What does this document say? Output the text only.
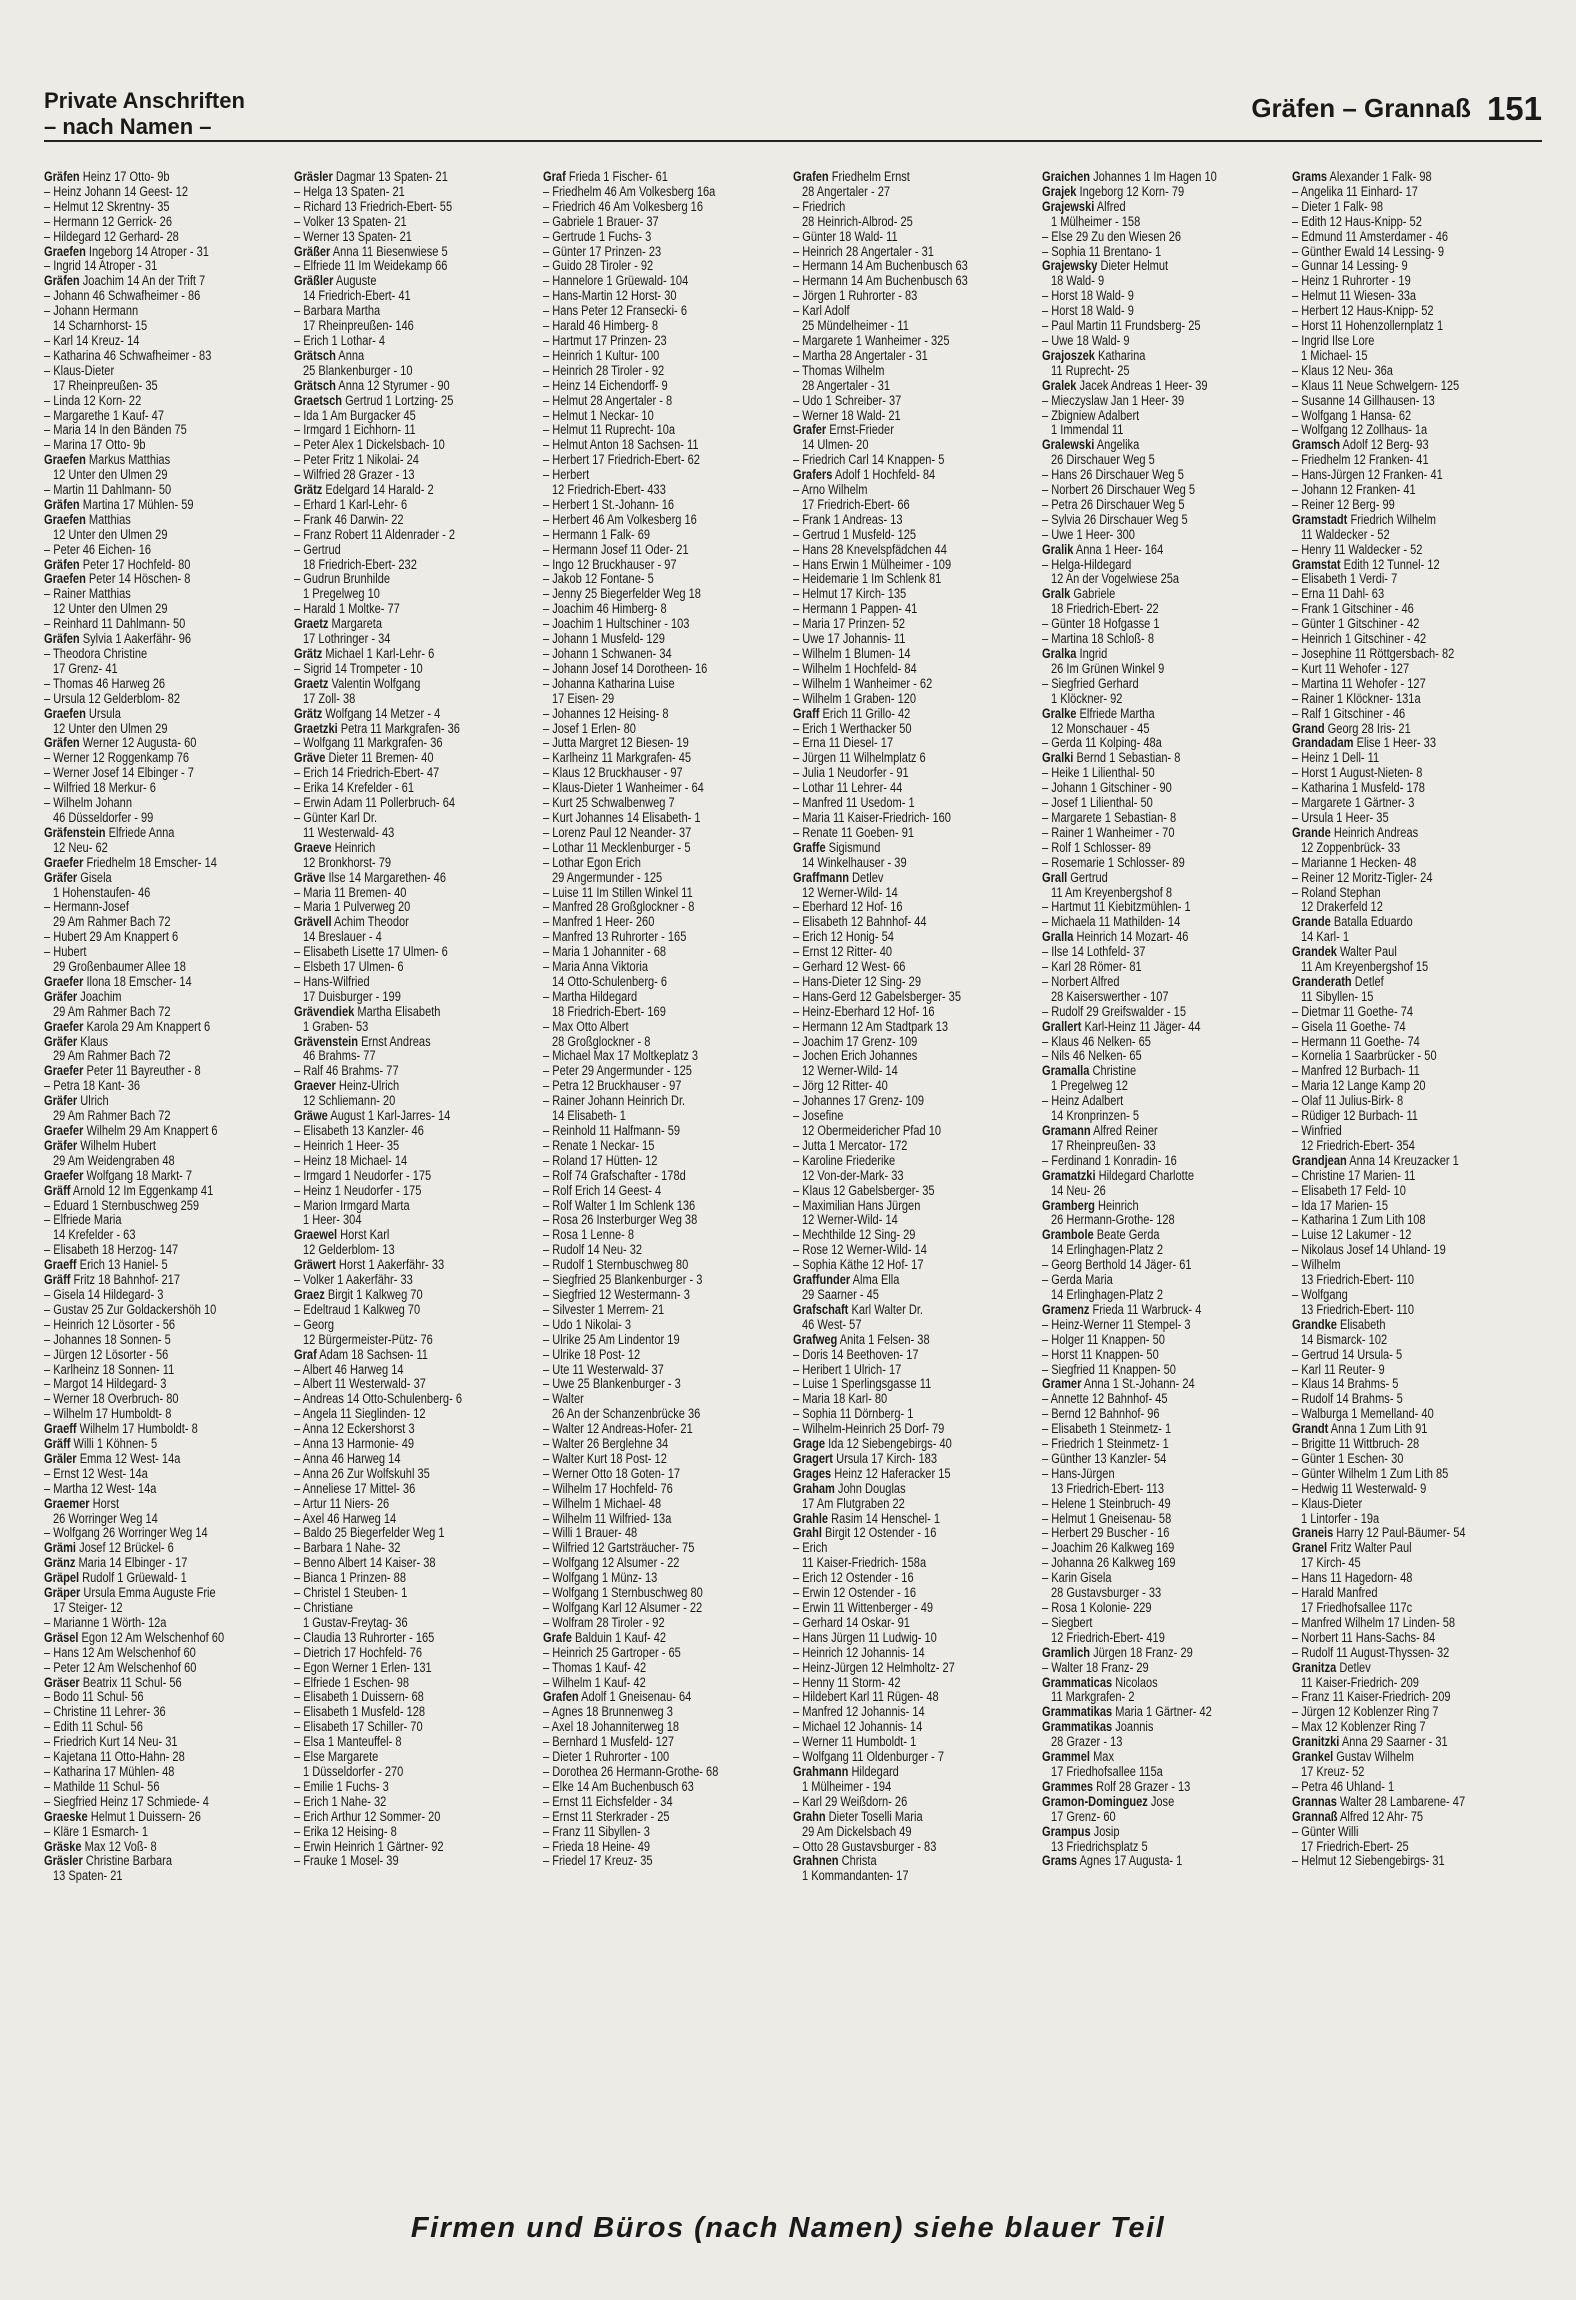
Private Anschriften
– nach Namen –
Gräfen – Grannaß 151
Gräfen Heinz 17 Otto- 9b
– Heinz Johann 14 Geest- 12
– Helmut 12 Skrentny- 35
– Hermann 12 Gerrick- 26
– Hildegard 12 Gerhard- 28
Graefen Ingeborg 14 Atroper - 31
– Ingrid 14 Atroper - 31
Gräfen Joachim 14 An der Trift 7
– Johann 46 Schwafheimer - 86
– Johann Hermann
14 Scharnhorst- 15
– Karl 14 Kreuz- 14
– Katharina 46 Schwafheimer - 83
– Klaus-Dieter
17 Rheinpreußen- 35
– Linda 12 Korn- 22
– Margarethe 1 Kauf- 47
– Maria 14 In den Bänden 75
– Marina 17 Otto- 9b
Graefen Markus Matthias
12 Unter den Ulmen 29
– Martin 11 Dahlmann- 50
Gräfen Martina 17 Mühlen- 59
Graefen Matthias
12 Unter den Ulmen 29
– Peter 46 Eichen- 16
Gräfen Peter 17 Hochfeld- 80
Graefen Peter 14 Höschen- 8
– Rainer Matthias
12 Unter den Ulmen 29
– Reinhard 11 Dahlmann- 50
Gräfen Sylvia 1 Aakerfähr- 96
– Theodora Christine
17 Grenz- 41
– Thomas 46 Harweg 26
– Ursula 12 Gelderblom- 82
Graefen Ursula
12 Unter den Ulmen 29
Gräfen Werner 12 Augusta- 60
– Werner 12 Roggenkamp 76
– Werner Josef 14 Elbinger - 7
– Wilfried 18 Merkur- 6
– Wilhelm Johann
46 Düsseldorfer - 99
Gräfenstein Elfriede Anna
12 Neu- 62
Graefer Friedhelm 18 Emscher- 14
Gräfer Gisela
1 Hohenstaufen- 46
– Hermann-Josef
29 Am Rahmer Bach 72
– Hubert 29 Am Knappert 6
– Hubert
29 Großenbaumer Allee 18
Graefer Ilona 18 Emscher- 14
Gräfer Joachim
29 Am Rahmer Bach 72
Graefer Karola 29 Am Knappert 6
Gräfer Klaus
29 Am Rahmer Bach 72
Graefer Peter 11 Bayreuther - 8
– Petra 18 Kant- 36
Gräfer Ulrich
29 Am Rahmer Bach 72
Graefer Wilhelm 29 Am Knappert 6
Gräfer Wilhelm Hubert
29 Am Weidengraben 48
Graefer Wolfgang 18 Markt- 7
Gräff Arnold 12 Im Eggenkamp 41
– Eduard 1 Sternbuschweg 259
– Elfriede Maria
14 Krefelder - 63
– Elisabeth 18 Herzog- 147
Graeff Erich 13 Haniel- 5
Gräff Fritz 18 Bahnhof- 217
– Gisela 14 Hildegard- 3
– Gustav 25 Zur Goldackershöh 10
– Heinrich 12 Lösorter - 56
– Johannes 18 Sonnen- 5
– Jürgen 12 Lösorter - 56
– Karlheinz 18 Sonnen- 11
– Margot 14 Hildegard- 3
– Werner 18 Overbruch- 80
– Wilhelm 17 Humboldt- 8
Graeff Wilhelm 17 Humboldt- 8
Gräff Willi 1 Köhnen- 5
Gräler Emma 12 West- 14a
– Ernst 12 West- 14a
– Martha 12 West- 14a
Graemer Horst
26 Worringer Weg 14
– Wolfgang 26 Worringer Weg 14
Grämi Josef 12 Brückel- 6
Gränz Maria 14 Elbinger - 17
Gräpel Rudolf 1 Grüewald- 1
Gräper Ursula Emma Auguste Frie
17 Steiger- 12
– Marianne 1 Wörth- 12a
Gräsel Egon 12 Am Welschenhof 60
– Hans 12 Am Welschenhof 60
– Peter 12 Am Welschenhof 60
Gräser Beatrix 11 Schul- 56
– Bodo 11 Schul- 56
– Christine 11 Lehrer- 36
– Edith 11 Schul- 56
– Friedrich Kurt 14 Neu- 31
– Kajetana 11 Otto-Hahn- 28
– Katharina 17 Mühlen- 48
– Mathilde 11 Schul- 56
– Siegfried Heinz 17 Schmiede- 4
Graeske Helmut 1 Duissern- 26
– Kläre 1 Esmarch- 1
Gräske Max 12 Voß- 8
Gräsler Christine Barbara
13 Spaten- 21
Gräsler Dagmar 13 Spaten- 21
– Helga 13 Spaten- 21
– Richard 13 Friedrich-Ebert- 55
– Volker 13 Spaten- 21
– Werner 13 Spaten- 21
Gräßer Anna 11 Biesenwiese 5
– Elfriede 11 Im Weidekamp 66
Gräßler Auguste
14 Friedrich-Ebert- 41
– Barbara Martha
17 Rheinpreußen- 146
– Erich 1 Lothar- 4
Grätsch Anna
25 Blankenburger - 10
Grätsch Anna 12 Styrumer - 90
Graetsch Gertrud 1 Lortzing- 25
– Ida 1 Am Burgacker 45
– Irmgard 1 Eichhorn- 11
– Peter Alex 1 Dickelsbach- 10
– Peter Fritz 1 Nikolai- 24
– Wilfried 28 Grazer - 13
Grätz Edelgard 14 Harald- 2
– Erhard 1 Karl-Lehr- 6
– Frank 46 Darwin- 22
– Franz Robert 11 Aldenrader - 2
– Gertrud
18 Friedrich-Ebert- 232
– Gudrun Brunhilde
1 Pregelweg 10
– Harald 1 Moltke- 77
Graetz Margareta
17 Lothringer - 34
Grätz Michael 1 Karl-Lehr- 6
– Sigrid 14 Trompeter - 10
Graetz Valentin Wolfgang
17 Zoll- 38
Grätz Wolfgang 14 Metzer - 4
Graetzki Petra 11 Markgrafen- 36
– Wolfgang 11 Markgrafen- 36
Gräve Dieter 11 Bremen- 40
– Erich 14 Friedrich-Ebert- 47
– Erika 14 Krefelder - 61
– Erwin Adam 11 Pollerbruch- 64
– Günter Karl Dr.
11 Westerwald- 43
Graeve Heinrich
12 Bronkhorst- 79
Gräve Ilse 14 Margarethen- 46
– Maria 11 Bremen- 40
– Maria 1 Pulverweg 20
Grävell Achim Theodor
14 Breslauer - 4
– Elisabeth Lisette 17 Ulmen- 6
– Elsbeth 17 Ulmen- 6
– Hans-Wilfried
17 Duisburger - 199
Grävendiek Martha Elisabeth
1 Graben- 53
Grävenstein Ernst Andreas
46 Brahms- 77
– Ralf 46 Brahms- 77
Graever Heinz-Ulrich
12 Schliemann- 20
Gräwe August 1 Karl-Jarres- 14
– Elisabeth 13 Kanzler- 46
– Heinrich 1 Heer- 35
– Heinz 18 Michael- 14
– Irmgard 1 Neudorfer - 175
– Heinz 1 Neudorfer - 175
– Marion Irmgard Marta
1 Heer- 304
Graewel Horst Karl
12 Gelderblom- 13
Gräwert Horst 1 Aakerfähr- 33
– Volker 1 Aakerfähr- 33
Graez Birgit 1 Kalkweg 70
– Edeltraud 1 Kalkweg 70
– Georg
12 Bürgermeister-Pütz- 76
Graf Adam 18 Sachsen- 11
– Albert 46 Harweg 14
– Albert 11 Westerwald- 37
– Andreas 14 Otto-Schulenberg- 6
– Angela 11 Sieglinden- 12
– Anna 12 Eckershorst 3
– Anna 13 Harmonie- 49
– Anna 46 Harweg 14
– Anna 26 Zur Wolfskuhl 35
– Anneliese 17 Mittel- 36
– Artur 11 Niers- 26
– Axel 46 Harweg 14
– Baldo 25 Biegerfelder Weg 1
– Barbara 1 Nahe- 32
– Benno Albert 14 Kaiser- 38
– Bianca 1 Prinzen- 88
– Christel 1 Steuben- 1
– Christiane
1 Gustav-Freytag- 36
– Claudia 13 Ruhrorter - 165
– Dietrich 17 Hochfeld- 76
– Egon Werner 1 Erlen- 131
– Elfriede 1 Eschen- 98
– Elisabeth 1 Duissern- 68
– Elisabeth 1 Musfeld- 128
– Elisabeth 17 Schiller- 70
– Elsa 1 Manteuffel- 8
– Else Margarete
1 Düsseldorfer - 270
– Emilie 1 Fuchs- 3
– Erich 1 Nahe- 32
– Erich Arthur 12 Sommer- 20
– Erika 12 Heising- 8
– Erwin Heinrich 1 Gärtner- 92
– Frauke 1 Mosel- 39
Graf Frieda 1 Fischer- 61
– Friedhelm 46 Am Volkesberg 16a
– Friedrich 46 Am Volkesberg 16
– Gabriele 1 Brauer- 37
– Gertrude 1 Fuchs- 3
– Günter 17 Prinzen- 23
– Guido 28 Tiroler - 92
– Hannelore 1 Grüewald- 104
– Hans-Martin 12 Horst- 30
– Hans Peter 12 Fransecki- 6
– Harald 46 Himberg- 8
– Hartmut 17 Prinzen- 23
– Heinrich 1 Kultur- 100
– Heinrich 28 Tiroler - 92
– Heinz 14 Eichendorff- 9
– Helmut 28 Angertaler - 8
– Helmut 1 Neckar- 10
– Helmut 11 Ruprecht- 10a
– Helmut Anton 18 Sachsen- 11
– Herbert 17 Friedrich-Ebert- 62
– Herbert
12 Friedrich-Ebert- 433
– Herbert 1 St.-Johann- 16
– Herbert 46 Am Volkesberg 16
– Hermann 1 Falk- 69
– Hermann Josef 11 Oder- 21
– Ingo 12 Bruckhauser - 97
– Jakob 12 Fontane- 5
– Jenny 25 Biegerfelder Weg 18
– Joachim 46 Himberg- 8
– Joachim 1 Hultschiner - 103
– Johann 1 Musfeld- 129
– Johann 1 Schwanen- 34
– Johann Josef 14 Dorotheen- 16
– Johanna Katharina Luise
17 Eisen- 29
– Johannes 12 Heising- 8
– Josef 1 Erlen- 80
– Jutta Margret 12 Biesen- 19
– Karlheinz 11 Markgrafen- 45
– Klaus 12 Bruckhauser - 97
– Klaus-Dieter 1 Wanheimer - 64
– Kurt 25 Schwalbenweg 7
– Kurt Johannes 14 Elisabeth- 1
– Lorenz Paul 12 Neander- 37
– Lothar 11 Mecklenburger - 5
– Lothar Egon Erich
29 Angermunder - 125
– Luise 11 Im Stillen Winkel 11
– Manfred 28 Großglockner - 8
– Manfred 1 Heer- 260
– Manfred 13 Ruhrorter - 165
– Maria 1 Johanniter - 68
– Maria Anna Viktoria
14 Otto-Schulenberg- 6
– Martha Hildegard
18 Friedrich-Ebert- 169
– Max Otto Albert
28 Großglockner - 8
– Michael Max 17 Moltkeplatz 3
– Peter 29 Angermunder - 125
– Petra 12 Bruckhauser - 97
– Rainer Johann Heinrich Dr.
14 Elisabeth- 1
– Reinhold 11 Halfmann- 59
– Renate 1 Neckar- 15
– Roland 17 Hütten- 12
– Rolf 74 Grafschafter - 178d
– Rolf Erich 14 Geest- 4
– Rolf Walter 1 Im Schlenk 136
– Rosa 26 Insterburger Weg 38
– Rosa 1 Lenne- 8
– Rudolf 14 Neu- 32
– Rudolf 1 Sternbuschweg 80
– Siegfried 25 Blankenburger - 3
– Siegfried 12 Westermann- 3
– Silvester 1 Merrem- 21
– Udo 1 Nikolai- 3
– Ulrike 25 Am Lindentor 19
– Ulrike 18 Post- 12
– Ute 11 Westerwald- 37
– Uwe 25 Blankenburger - 3
– Walter
26 An der Schanzenbrücke 36
– Walter 12 Andreas-Hofer- 21
– Walter 26 Berglehne 34
– Walter Kurt 18 Post- 12
– Werner Otto 18 Goten- 17
– Wilhelm 17 Hochfeld- 76
– Wilhelm 1 Michael- 48
– Wilhelm 11 Wilfried- 13a
– Willi 1 Brauer- 48
– Wilfried 12 Gartsträucher- 75
– Wolfgang 12 Alsumer - 22
– Wolfgang 1 Münz- 13
– Wolfgang 1 Sternbuschweg 80
– Wolfgang Karl 12 Alsumer - 22
– Wolfram 28 Tiroler - 92
Grafe Balduin 1 Kauf- 42
– Heinrich 25 Gartroper - 65
– Thomas 1 Kauf- 42
– Wilhelm 1 Kauf- 42
Grafen Adolf 1 Gneisenau- 64
– Agnes 18 Brunnenweg 3
– Axel 18 Johanniterweg 18
– Bernhard 1 Musfeld- 127
– Dieter 1 Ruhrorter - 100
– Dorothea 26 Hermann-Grothe- 68
– Elke 14 Am Buchenbusch 63
– Ernst 11 Eichsfelder - 34
– Ernst 11 Sterkrader - 25
– Franz 11 Sibyllen- 3
– Frieda 18 Heine- 49
– Friedel 17 Kreuz- 35
Grafen Friedhelm Ernst
28 Angertaler - 27
– Friedrich
28 Heinrich-Albrod- 25
– Günter 18 Wald- 11
– Heinrich 28 Angertaler - 31
– Hermann 14 Am Buchenbusch 63
– Hermann 14 Am Buchenbusch 63
– Jörgen 1 Ruhrorter - 83
– Karl Adolf
25 Mündelheimer - 11
– Margarete 1 Wanheimer - 325
– Martha 28 Angertaler - 31
– Thomas Wilhelm
28 Angertaler - 31
– Udo 1 Schreiber- 37
– Werner 18 Wald- 21
Grafer Ernst-Frieder
14 Ulmen- 20
– Friedrich Carl 14 Knappen- 5
Grafers Adolf 1 Hochfeld- 84
– Arno Wilhelm
17 Friedrich-Ebert- 66
– Frank 1 Andreas- 13
– Gertrud 1 Musfeld- 125
– Hans 28 Knevelspfädchen 44
– Hans Erwin 1 Mülheimer - 109
– Heidemarie 1 Im Schlenk 81
– Helmut 17 Kirch- 135
– Hermann 1 Pappen- 41
– Maria 17 Prinzen- 52
– Uwe 17 Johannis- 11
– Wilhelm 1 Blumen- 14
– Wilhelm 1 Hochfeld- 84
– Wilhelm 1 Wanheimer - 62
– Wilhelm 1 Graben- 120
Graff Erich 11 Grillo- 42
– Erich 1 Werthacker 50
– Erna 11 Diesel- 17
– Jürgen 11 Wilhelmplatz 6
– Julia 1 Neudorfer - 91
– Lothar 11 Lehrer- 44
– Manfred 11 Usedom- 1
– Maria 11 Kaiser-Friedrich- 160
– Renate 11 Goeben- 91
Graffe Sigismund
14 Winkelhauser - 39
Graffmann Detlev
12 Werner-Wild- 14
– Eberhard 12 Hof- 16
– Elisabeth 12 Bahnhof- 44
– Erich 12 Honig- 54
– Ernst 12 Ritter- 40
– Gerhard 12 West- 66
– Hans-Dieter 12 Sing- 29
– Hans-Gerd 12 Gabelsberger- 35
– Heinz-Eberhard 12 Hof- 16
– Hermann 12 Am Stadtpark 13
– Joachim 17 Grenz- 109
– Jochen Erich Johannes
12 Werner-Wild- 14
– Jörg 12 Ritter- 40
– Johannes 17 Grenz- 109
– Josefine
12 Obermeidericher Pfad 10
– Jutta 1 Mercator- 172
– Karoline Friederike
12 Von-der-Mark- 33
– Klaus 12 Gabelsberger- 35
– Maximilian Hans Jürgen
12 Werner-Wild- 14
– Mechthilde 12 Sing- 29
– Rose 12 Werner-Wild- 14
– Sophia Käthe 12 Hof- 17
Graffunder Alma Ella
29 Saarner - 45
Grafschaft Karl Walter Dr.
46 West- 57
Grafweg Anita 1 Felsen- 38
– Doris 14 Beethoven- 17
– Heribert 1 Ulrich- 17
– Luise 1 Sperlingsgasse 11
– Maria 18 Karl- 80
– Sophia 11 Dörnberg- 1
– Wilhelm-Heinrich 25 Dorf- 79
Grage Ida 12 Siebengebirgs- 40
Gragert Ursula 17 Kirch- 183
Grages Heinz 12 Haferacker 15
Graham John Douglas
17 Am Flutgraben 22
Grahle Rasim 14 Henschel- 1
Grahl Birgit 12 Ostender - 16
– Erich
11 Kaiser-Friedrich- 158a
– Erich 12 Ostender - 16
– Erwin 12 Ostender - 16
– Erwin 11 Wittenberger - 49
– Gerhard 14 Oskar- 91
– Hans Jürgen 11 Ludwig- 10
– Heinrich 12 Johannis- 14
– Heinz-Jürgen 12 Helmholtz- 27
– Henny 11 Storm- 42
– Hildebert Karl 11 Rügen- 48
– Manfred 12 Johannis- 14
– Michael 12 Johannis- 14
– Werner 11 Humboldt- 1
– Wolfgang 11 Oldenburger - 7
Grahmann Hildegard
1 Mülheimer - 194
– Karl 29 Weißdorn- 26
Grahn Dieter Toselli Maria
29 Am Dickelsbach 49
– Otto 28 Gustavsburger - 83
Grahnen Christa
1 Kommandanten- 17
Graichen Johannes 1 Im Hagen 10
Grajek Ingeborg 12 Korn- 79
Grajewski Alfred
1 Mülheimer - 158
– Else 29 Zu den Wiesen 26
– Sophia 11 Brentano- 1
Grajewsky Dieter Helmut
18 Wald- 9
– Horst 18 Wald- 9
– Horst 18 Wald- 9
– Paul Martin 11 Frundsberg- 25
– Uwe 18 Wald- 9
Grajoszek Katharina
11 Ruprecht- 25
Gralek Jacek Andreas 1 Heer- 39
– Mieczyslaw Jan 1 Heer- 39
– Zbigniew Adalbert
1 Immendal 11
Gralewski Angelika
26 Dirschauer Weg 5
– Hans 26 Dirschauer Weg 5
– Norbert 26 Dirschauer Weg 5
– Petra 26 Dirschauer Weg 5
– Sylvia 26 Dirschauer Weg 5
– Uwe 1 Heer- 300
Gralik Anna 1 Heer- 164
– Helga-Hildegard
12 An der Vogelwiese 25a
Gralk Gabriele
18 Friedrich-Ebert- 22
– Günter 18 Hofgasse 1
– Martina 18 Schloß- 8
Gralka Ingrid
26 Im Grünen Winkel 9
– Siegfried Gerhard
1 Klöckner- 92
Gralke Elfriede Martha
12 Monschauer - 45
– Gerda 11 Kolping- 48a
Gralki Bernd 1 Sebastian- 8
– Heike 1 Lilienthal- 50
– Johann 1 Gitschiner - 90
– Josef 1 Lilienthal- 50
– Margarete 1 Sebastian- 8
– Rainer 1 Wanheimer - 70
– Rolf 1 Schlosser- 89
– Rosemarie 1 Schlosser- 89
Grall Gertrud
11 Am Kreyenbergshof 8
– Hartmut 11 Kiebitzmühlen- 1
– Michaela 11 Mathilden- 14
Gralla Heinrich 14 Mozart- 46
– Ilse 14 Lothfeld- 37
– Karl 28 Römer- 81
– Norbert Alfred
28 Kaiserswerther - 107
– Rudolf 29 Greifswalder - 15
Grallert Karl-Heinz 11 Jäger- 44
– Klaus 46 Nelken- 65
– Nils 46 Nelken- 65
Gramalla Christine
1 Pregelweg 12
– Heinz Adalbert
14 Kronprinzen- 5
Gramann Alfred Reiner
17 Rheinpreußen- 33
– Ferdinand 1 Konradin- 16
Gramatzki Hildegard Charlotte
14 Neu- 26
Gramberg Heinrich
26 Hermann-Grothe- 128
Grambole Beate Gerda
14 Erlinghagen-Platz 2
– Georg Berthold 14 Jäger- 61
– Gerda Maria
14 Erlinghagen-Platz 2
Gramenz Frieda 11 Warbruck- 4
– Heinz-Werner 11 Stempel- 3
– Holger 11 Knappen- 50
– Horst 11 Knappen- 50
– Siegfried 11 Knappen- 50
Gramer Anna 1 St.-Johann- 24
– Annette 12 Bahnhof- 45
– Bernd 12 Bahnhof- 96
– Elisabeth 1 Steinmetz- 1
– Friedrich 1 Steinmetz- 1
– Günther 13 Kanzler- 54
– Hans-Jürgen
13 Friedrich-Ebert- 113
– Helene 1 Steinbruch- 49
– Helmut 1 Gneisenau- 58
– Herbert 29 Buscher - 16
– Joachim 26 Kalkweg 169
– Johanna 26 Kalkweg 169
– Karin Gisela
28 Gustavsburger - 33
– Rosa 1 Kolonie- 229
– Siegbert
12 Friedrich-Ebert- 419
Gramlich Jürgen 18 Franz- 29
– Walter 18 Franz- 29
Grammaticas Nicolaos
11 Markgrafen- 2
Grammatikas Maria 1 Gärtner- 42
Grammatikas Joannis
28 Grazer - 13
Grammel Max
17 Friedhofsallee 115a
Grammes Rolf 28 Grazer - 13
Gramon-Dominguez Jose
17 Grenz- 60
Grampus Josip
13 Friedrichsplatz 5
Grams Agnes 17 Augusta- 1
Grams Alexander 1 Falk- 98
– Angelika 11 Einhard- 17
– Dieter 1 Falk- 98
– Edith 12 Haus-Knipp- 52
– Edmund 11 Amsterdamer - 46
– Günther Ewald 14 Lessing- 9
– Gunnar 14 Lessing- 9
– Heinz 1 Ruhrorter - 19
– Helmut 11 Wiesen- 33a
– Herbert 12 Haus-Knipp- 52
– Horst 11 Hohenzollernplatz 1
– Ingrid Ilse Lore
1 Michael- 15
– Klaus 12 Neu- 36a
– Klaus 11 Neue Schwelgern- 125
– Susanne 14 Gillhausen- 13
– Wolfgang 1 Hansa- 62
– Wolfgang 12 Zollhaus- 1a
Gramsch Adolf 12 Berg- 93
– Friedhelm 12 Franken- 41
– Hans-Jürgen 12 Franken- 41
– Johann 12 Franken- 41
– Reiner 12 Berg- 99
Gramstadt Friedrich Wilhelm
11 Waldecker - 52
– Henry 11 Waldecker - 52
Gramstat Edith 12 Tunnel- 12
– Elisabeth 1 Verdi- 7
– Erna 11 Dahl- 63
– Frank 1 Gitschiner - 46
– Günter 1 Gitschiner - 42
– Heinrich 1 Gitschiner - 42
– Josephine 11 Röttgersbach- 82
– Kurt 11 Wehofer - 127
– Martina 11 Wehofer - 127
– Rainer 1 Klöckner- 131a
– Ralf 1 Gitschiner - 46
Grand Georg 28 Iris- 21
Grandadam Elise 1 Heer- 33
– Heinz 1 Dell- 11
– Horst 1 August-Nieten- 8
– Katharina 1 Musfeld- 178
– Margarete 1 Gärtner- 3
– Ursula 1 Heer- 35
Grande Heinrich Andreas
12 Zoppenbrück- 33
– Marianne 1 Hecken- 48
– Reiner 12 Moritz-Tigler- 24
– Roland Stephan
12 Drakerfeld 12
Grande Batalla Eduardo
14 Karl- 1
Grandek Walter Paul
11 Am Kreyenbergshof 15
Granderath Detlef
11 Sibyllen- 15
– Dietmar 11 Goethe- 74
– Gisela 11 Goethe- 74
– Hermann 11 Goethe- 74
– Kornelia 1 Saarbrücker - 50
– Manfred 12 Burbach- 11
– Maria 12 Lange Kamp 20
– Olaf 11 Julius-Birk- 8
– Rüdiger 12 Burbach- 11
– Winfried
12 Friedrich-Ebert- 354
Grandjean Anna 14 Kreuzacker 1
– Christine 17 Marien- 11
– Elisabeth 17 Feld- 10
– Ida 17 Marien- 15
– Katharina 1 Zum Lith 108
– Luise 12 Lakumer - 12
– Nikolaus Josef 14 Uhland- 19
– Wilhelm
13 Friedrich-Ebert- 110
– Wolfgang
13 Friedrich-Ebert- 110
Grandke Elisabeth
14 Bismarck- 102
– Gertrud 14 Ursula- 5
– Karl 11 Reuter- 9
– Klaus 14 Brahms- 5
– Rudolf 14 Brahms- 5
– Walburga 1 Memelland- 40
Grandt Anna 1 Zum Lith 91
– Brigitte 11 Wittbruch- 28
– Günter 1 Eschen- 30
– Günter Wilhelm 1 Zum Lith 85
– Hedwig 11 Westerwald- 9
– Klaus-Dieter
1 Lintorfer - 19a
Graneis Harry 12 Paul-Bäumer- 54
Granel Fritz Walter Paul
17 Kirch- 45
– Hans 11 Hagedorn- 48
– Harald Manfred
17 Friedhofsallee 117c
– Manfred Wilhelm 17 Linden- 58
– Norbert 11 Hans-Sachs- 84
– Rudolf 11 August-Thyssen- 32
Granitza Detlev
11 Kaiser-Friedrich- 209
– Franz 11 Kaiser-Friedrich- 209
– Jürgen 12 Koblenzer Ring 7
– Max 12 Koblenzer Ring 7
Granitzki Anna 29 Saarner - 31
Grankel Gustav Wilhelm
17 Kreuz- 52
– Petra 46 Uhland- 1
Grannas Walter 28 Lambarene- 47
Grannaß Alfred 12 Ahr- 75
– Günter Willi
17 Friedrich-Ebert- 25
– Helmut 12 Siebengebirgs- 31
Firmen und Büros (nach Namen) siehe blauer Teil
